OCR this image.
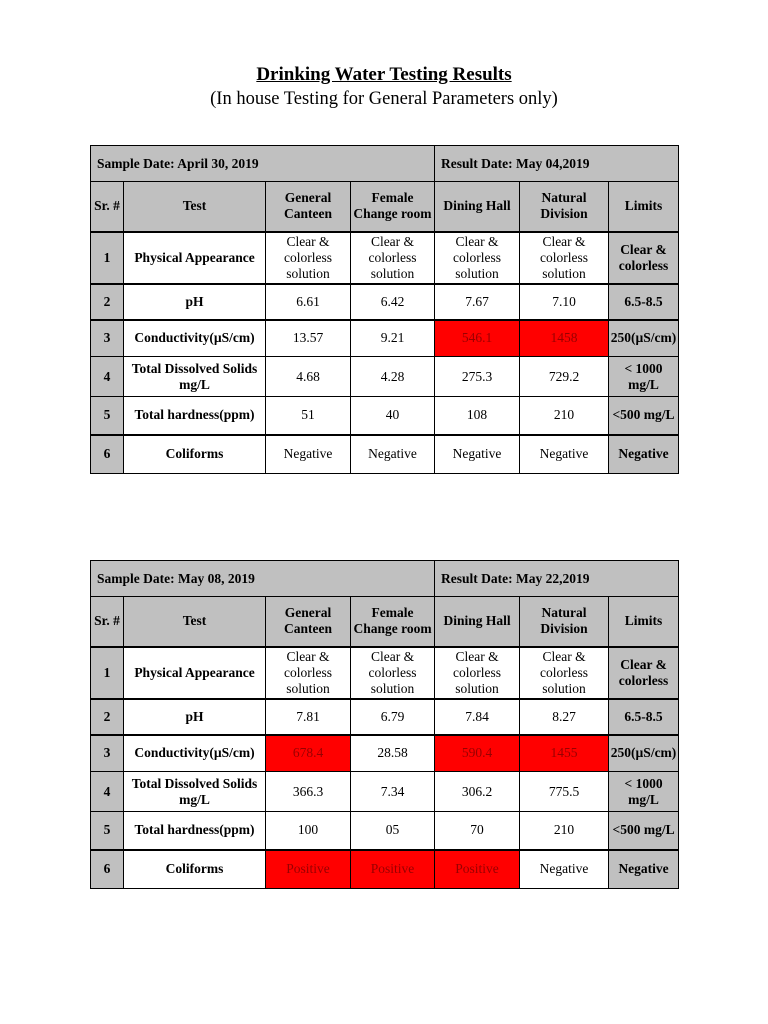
Drinking Water Testing Results
(In house Testing for General Parameters only)
Sample Date: April 30, 2019				Result Date: May 04,2019		
Sr. #	Test	General Canteen	Female Change room	Dining Hall	Natural Division	Limits
1	Physical Appearance	Clear & colorless solution	Clear & colorless solution	Clear & colorless solution	Clear & colorless solution	Clear & colorless
2	pH	6.61	6.42	7.67	7.10	6.5-8.5
3	Conductivity(µS/cm)	13.57	9.21	546.1	1458	250(µS/cm)
4	Total Dissolved Solids mg/L	4.68	4.28	275.3	729.2	< 1000 mg/L
5	Total hardness(ppm)	51	40	108	210	<500 mg/L
6	Coliforms	Negative	Negative	Negative	Negative	Negative
Sample Date: May 08, 2019				Result Date: May 22,2019		
Sr. #	Test	General Canteen	Female Change room	Dining Hall	Natural Division	Limits
1	Physical Appearance	Clear & colorless solution	Clear & colorless solution	Clear & colorless solution	Clear & colorless solution	Clear & colorless
2	pH	7.81	6.79	7.84	8.27	6.5-8.5
3	Conductivity(µS/cm)	678.4	28.58	590.4	1455	250(µS/cm)
4	Total Dissolved Solids mg/L	366.3	7.34	306.2	775.5	< 1000 mg/L
5	Total hardness(ppm)	100	05	70	210	<500 mg/L
6	Coliforms	Positive	Positive	Positive	Negative	Negative
